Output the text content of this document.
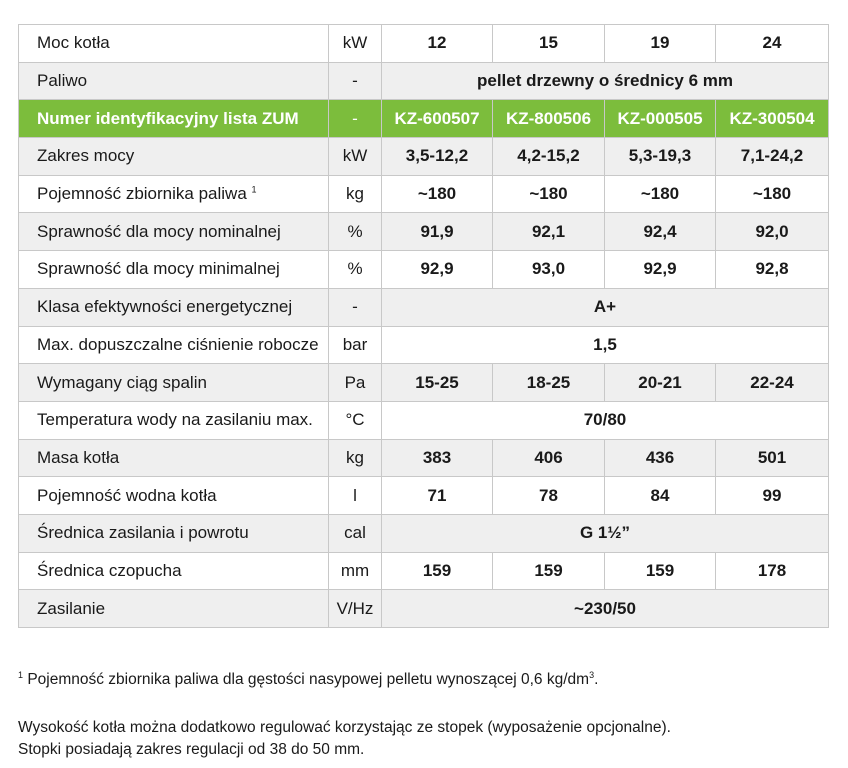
Moc kotła	kW	12	15	19	24
Paliwo	-	pellet drzewny o średnicy 6 mm			
Numer identyfikacyjny lista ZUM	-	KZ-600507	KZ-800506	KZ-000505	KZ-300504
Zakres mocy	kW	3,5-12,2	4,2-15,2	5,3-19,3	7,1-24,2
Pojemność zbiornika paliwa $^1$	kg	~180	~180	~180	~180
Sprawność dla mocy nominalnej	%	91,9	92,1	92,4	92,0
Sprawność dla mocy minimalnej	%	92,9	93,0	92,9	92,8
Klasa efektywności energetycznej	-	A+			
Max. dopuszczalne ciśnienie robocze	bar	1,5			
Wymagany ciąg spalin	Pa	15-25	18-25	20-21	22-24
Temperatura wody na zasilaniu max.	°C	70/80			
Masa kotła	kg	383	406	436	501
Pojemność wodna kotła	l	71	78	84	99
Średnica zasilania i powrotu	cal	G 1½”			
Średnica czopucha	mm	159	159	159	178
Zasilanie	V/Hz	~230/50			

$^1$ Pojemność zbiornika paliwa dla gęstości nasypowej pelletu wynoszącej 0,6 $kg/dm^3$.

Wysokość kotła można dodatkowo regulować korzystając ze stopek (wyposażenie opcjonalne).

Stopki posiadają zakres regulacji od 38 do 50 mm.
